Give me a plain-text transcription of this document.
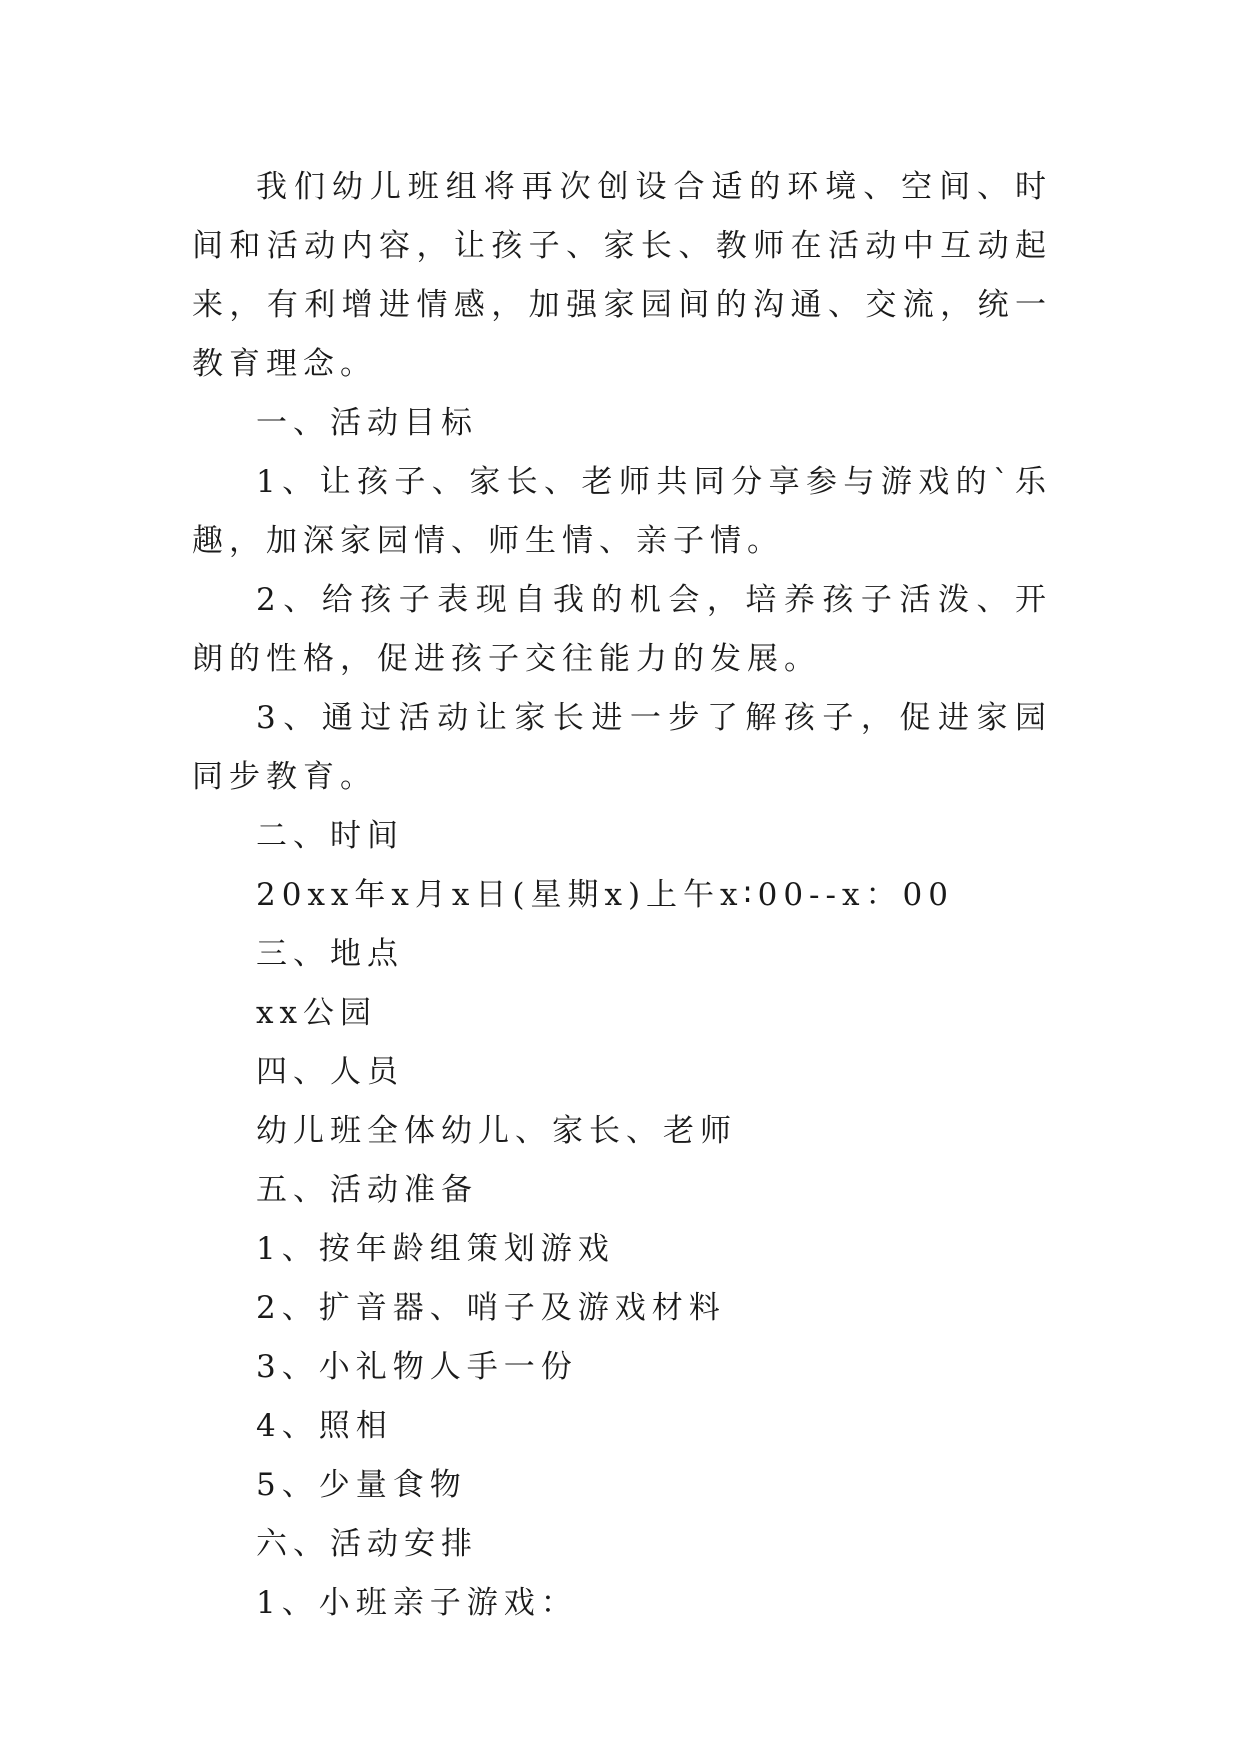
我们幼儿班组将再次创设合适的环境、空间、时间和活动内容，让孩子、家长、教师在活动中互动起来，有利增进情感，加强家园间的沟通、交流，统一教育理念。

一、活动目标

1、让孩子、家长、老师共同分享参与游戏的`乐趣，加深家园情、师生情、亲子情。

2、给孩子表现自我的机会，培养孩子活泼、开朗的性格，促进孩子交往能力的发展。

3、通过活动让家长进一步了解孩子，促进家园同步教育。

二、时间

20xx年x月x日(星期x)上午x∶00--x：00

三、地点

xx公园

四、人员

幼儿班全体幼儿、家长、老师

五、活动准备

1、按年龄组策划游戏

2、扩音器、哨子及游戏材料

3、小礼物人手一份

4、照相

5、少量食物

六、活动安排

1、小班亲子游戏：
